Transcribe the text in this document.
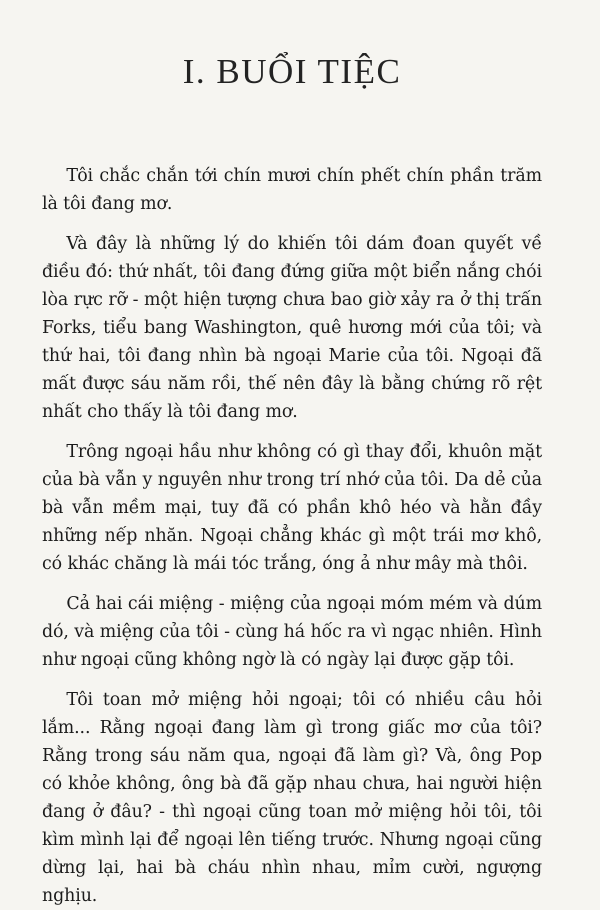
I. BUỔI TIỆC

Tôi chắc chắn tới chín mươi chín phết chín phần trăm là tôi đang mơ.

Và đây là những lý do khiến tôi dám đoan quyết về điều đó: thứ nhất, tôi đang đứng giữa một biển nắng chói lòa rực rỡ - một hiện tượng chưa bao giờ xảy ra ở thị trấn Forks, tiểu bang Washington, quê hương mới của tôi; và thứ hai, tôi đang nhìn bà ngoại Marie của tôi. Ngoại đã mất được sáu năm rồi, thế nên đây là bằng chứng rõ rệt nhất cho thấy là tôi đang mơ.

Trông ngoại hầu như không có gì thay đổi, khuôn mặt của bà vẫn y nguyên như trong trí nhớ của tôi. Da dẻ của bà vẫn mềm mại, tuy đã có phần khô héo và hằn đầy những nếp nhăn. Ngoại chẳng khác gì một trái mơ khô, có khác chăng là mái tóc trắng, óng ả như mây mà thôi.

Cả hai cái miệng - miệng của ngoại móm mém và dúm dó, và miệng của tôi - cùng há hốc ra vì ngạc nhiên. Hình như ngoại cũng không ngờ là có ngày lại được gặp tôi.

Tôi toan mở miệng hỏi ngoại; tôi có nhiều câu hỏi lắm... Rằng ngoại đang làm gì trong giấc mơ của tôi? Rằng trong sáu năm qua, ngoại đã làm gì? Và, ông Pop có khỏe không, ông bà đã gặp nhau chưa, hai người hiện đang ở đâu? - thì ngoại cũng toan mở miệng hỏi tôi, tôi kìm mình lại để ngoại lên tiếng trước. Nhưng ngoại cũng dừng lại, hai bà cháu nhìn nhau, mỉm cười, ngượng nghịu.
